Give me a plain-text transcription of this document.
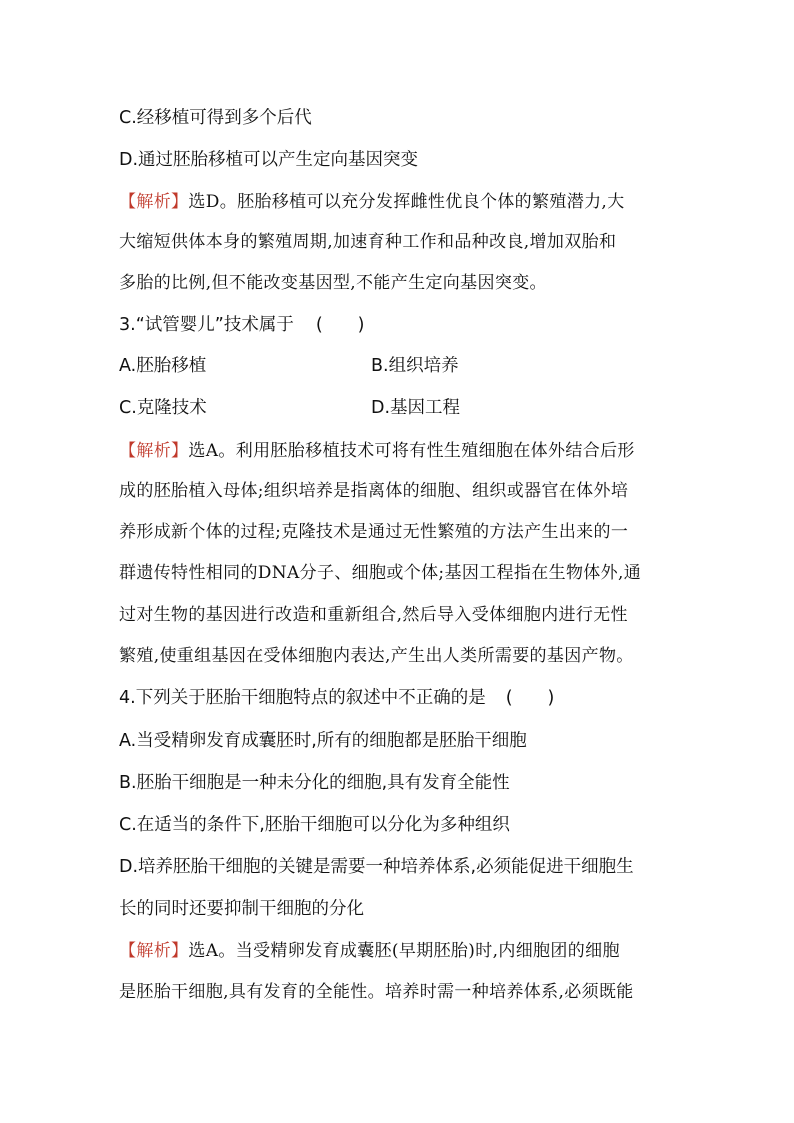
C.经移植可得到多个后代
D.通过胚胎移植可以产生定向基因突变
【解析】选D。胚胎移植可以充分发挥雌性优良个体的繁殖潜力,大
大缩短供体本身的繁殖周期,加速育种工作和品种改良,增加双胎和
多胎的比例,但不能改变基因型,不能产生定向基因突变。
3.“试管婴儿”技术属于 (　　)
A.胚胎移植	B.组织培养
C.克隆技术	D.基因工程
【解析】选A。利用胚胎移植技术可将有性生殖细胞在体外结合后形
成的胚胎植入母体;组织培养是指离体的细胞、组织或器官在体外培
养形成新个体的过程;克隆技术是通过无性繁殖的方法产生出来的一
群遗传特性相同的DNA分子、细胞或个体;基因工程指在生物体外,通
过对生物的基因进行改造和重新组合,然后导入受体细胞内进行无性
繁殖,使重组基因在受体细胞内表达,产生出人类所需要的基因产物。
4.下列关于胚胎干细胞特点的叙述中不正确的是 (　　)
A.当受精卵发育成囊胚时,所有的细胞都是胚胎干细胞
B.胚胎干细胞是一种未分化的细胞,具有发育全能性
C.在适当的条件下,胚胎干细胞可以分化为多种组织
D.培养胚胎干细胞的关键是需要一种培养体系,必须能促进干细胞生
长的同时还要抑制干细胞的分化
【解析】选A。当受精卵发育成囊胚(早期胚胎)时,内细胞团的细胞
是胚胎干细胞,具有发育的全能性。培养时需一种培养体系,必须既能
